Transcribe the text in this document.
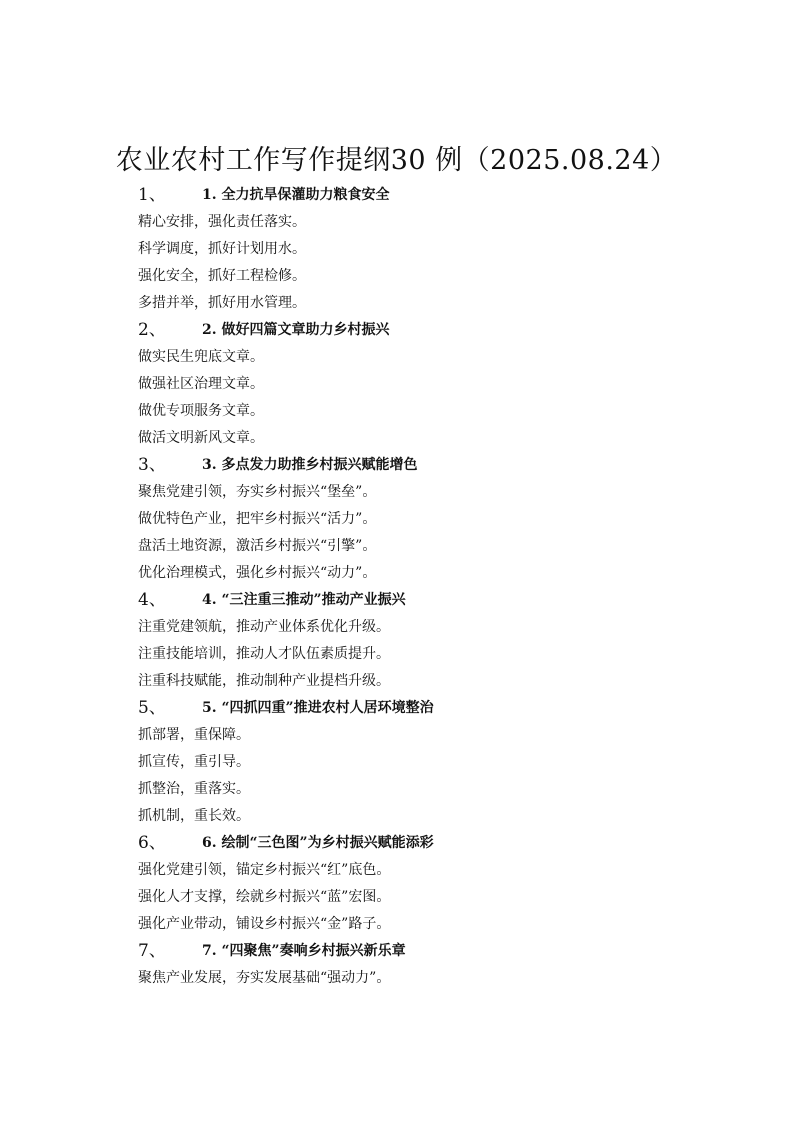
农业农村工作写作提纲30 例（2025.08.24）
1、	1. 全力抗旱保灌助力粮食安全
精心安排，强化责任落实。
科学调度，抓好计划用水。
强化安全，抓好工程检修。
多措并举，抓好用水管理。
2、	2. 做好四篇文章助力乡村振兴
做实民生兜底文章。
做强社区治理文章。
做优专项服务文章。
做活文明新风文章。
3、	3. 多点发力助推乡村振兴赋能增色
聚焦党建引领，夯实乡村振兴“堡垒”。
做优特色产业，把牢乡村振兴“活力”。
盘活土地资源，激活乡村振兴“引擎”。
优化治理模式，强化乡村振兴“动力”。
4、	4. “三注重三推动”推动产业振兴
注重党建领航，推动产业体系优化升级。
注重技能培训，推动人才队伍素质提升。
注重科技赋能，推动制种产业提档升级。
5、	5. “四抓四重”推进农村人居环境整治
抓部署，重保障。
抓宣传，重引导。
抓整治，重落实。
抓机制，重长效。
6、	6. 绘制“三色图”为乡村振兴赋能添彩
强化党建引领，锚定乡村振兴“红”底色。
强化人才支撑，绘就乡村振兴“蓝”宏图。
强化产业带动，铺设乡村振兴“金”路子。
7、	7. “四聚焦”奏响乡村振兴新乐章
聚焦产业发展，夯实发展基础“强动力”。
